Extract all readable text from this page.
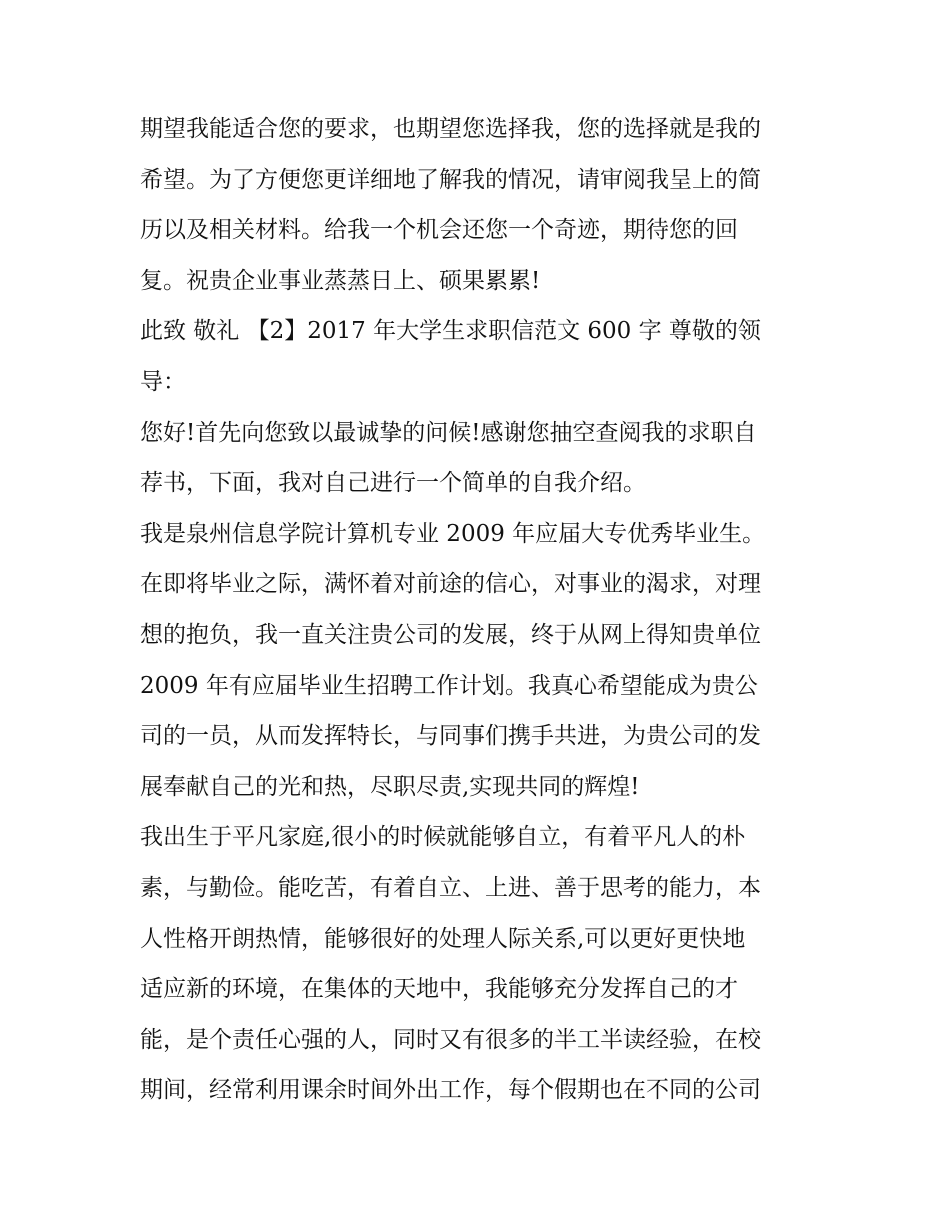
期望我能适合您的要求，也期望您选择我，您的选择就是我的
希望。为了方便您更详细地了解我的情况，请审阅我呈上的简
历以及相关材料。给我一个机会还您一个奇迹，期待您的回
复。祝贵企业事业蒸蒸日上、硕果累累!
此致 敬礼 【2】2017 年大学生求职信范文 600 字 尊敬的领
导：
您好!首先向您致以最诚挚的问候!感谢您抽空查阅我的求职自
荐书，下面，我对自己进行一个简单的自我介绍。
我是泉州信息学院计算机专业 2009 年应届大专优秀毕业生。
在即将毕业之际，满怀着对前途的信心，对事业的渴求，对理
想的抱负，我一直关注贵公司的发展，终于从网上得知贵单位
2009 年有应届毕业生招聘工作计划。我真心希望能成为贵公
司的一员，从而发挥特长，与同事们携手共进，为贵公司的发
展奉献自己的光和热，尽职尽责,实现共同的辉煌!
我出生于平凡家庭,很小的时候就能够自立，有着平凡人的朴
素，与勤俭。能吃苦，有着自立、上进、善于思考的能力，本
人性格开朗热情，能够很好的处理人际关系,可以更好更快地
适应新的环境，在集体的天地中，我能够充分发挥自己的才
能，是个责任心强的人，同时又有很多的半工半读经验，在校
期间，经常利用课余时间外出工作，每个假期也在不同的公司
